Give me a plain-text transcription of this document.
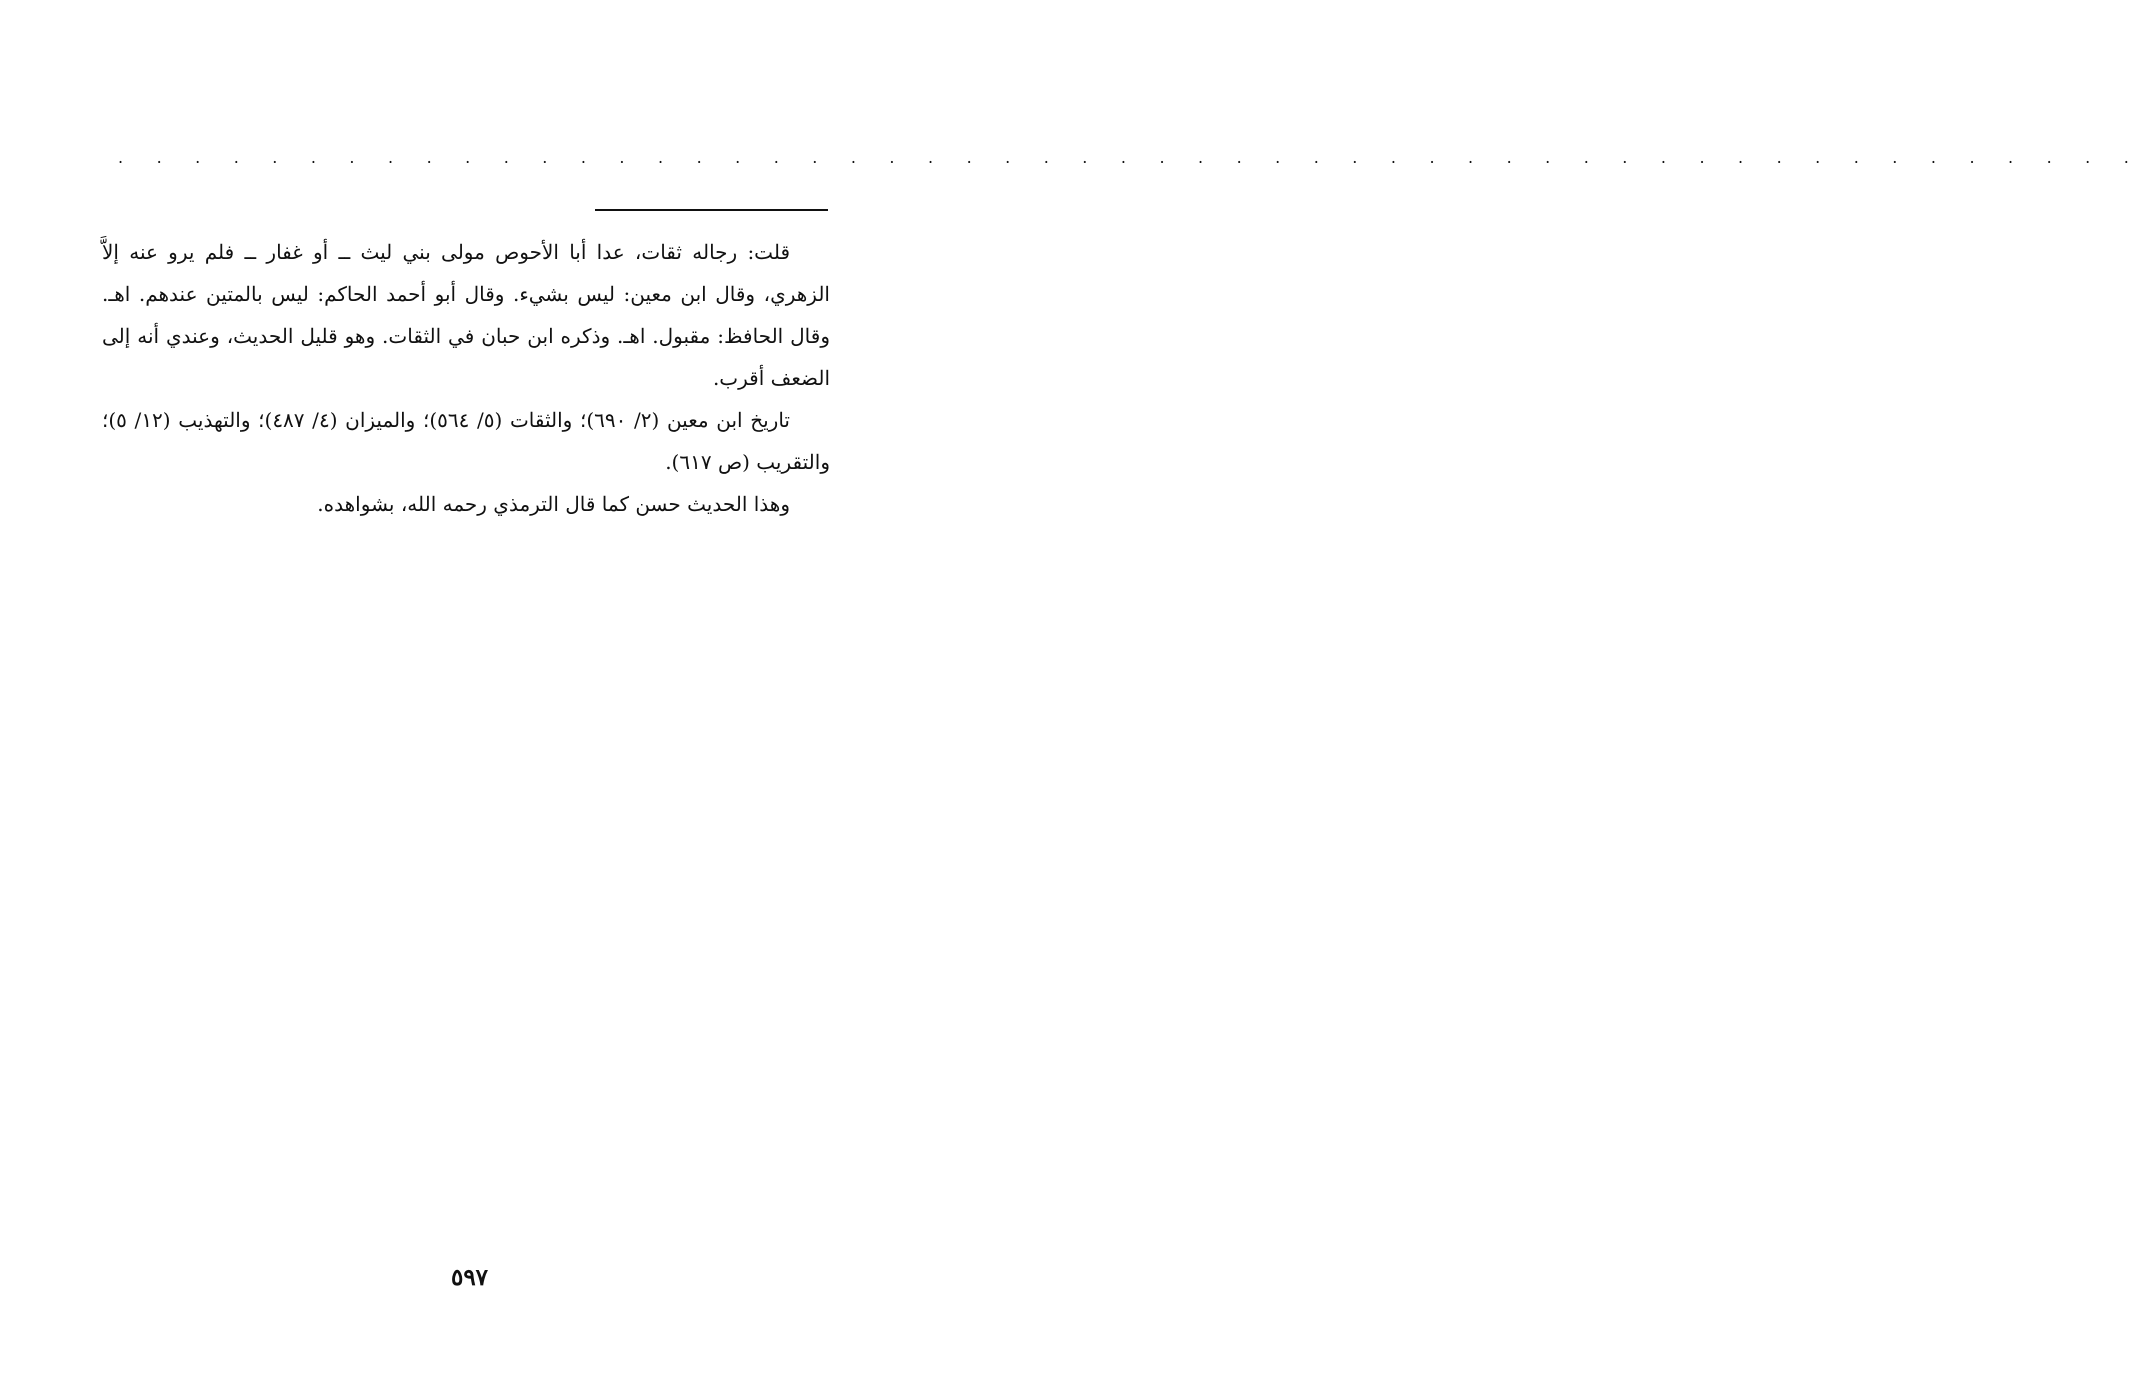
. . . . . . . . . . . . . . . . . . . . . . . . . . . . . . . . . . . . . . . . . . . . . . . . . . . . .

قلت: رجاله ثقات، عدا أبا الأحوص مولى بني ليث ــ أو غفار ــ فلم يرو عنه إلاَّ الزهري، وقال ابن معين: ليس بشيء. وقال أبو أحمد الحاكم: ليس بالمتين عندهم. اهـ. وقال الحافظ: مقبول. اهـ. وذكره ابن حبان في الثقات. وهو قليل الحديث، وعندي أنه إلى الضعف أقرب.

تاريخ ابن معين (٢/ ٦٩٠)؛ والثقات (٥/ ٥٦٤)؛ والميزان (٤/ ٤٨٧)؛ والتهذيب (١٢/ ٥)؛ والتقريب (ص ٦١٧).

وهذا الحديث حسن كما قال الترمذي رحمه الله، بشواهده.

٥٩٧
